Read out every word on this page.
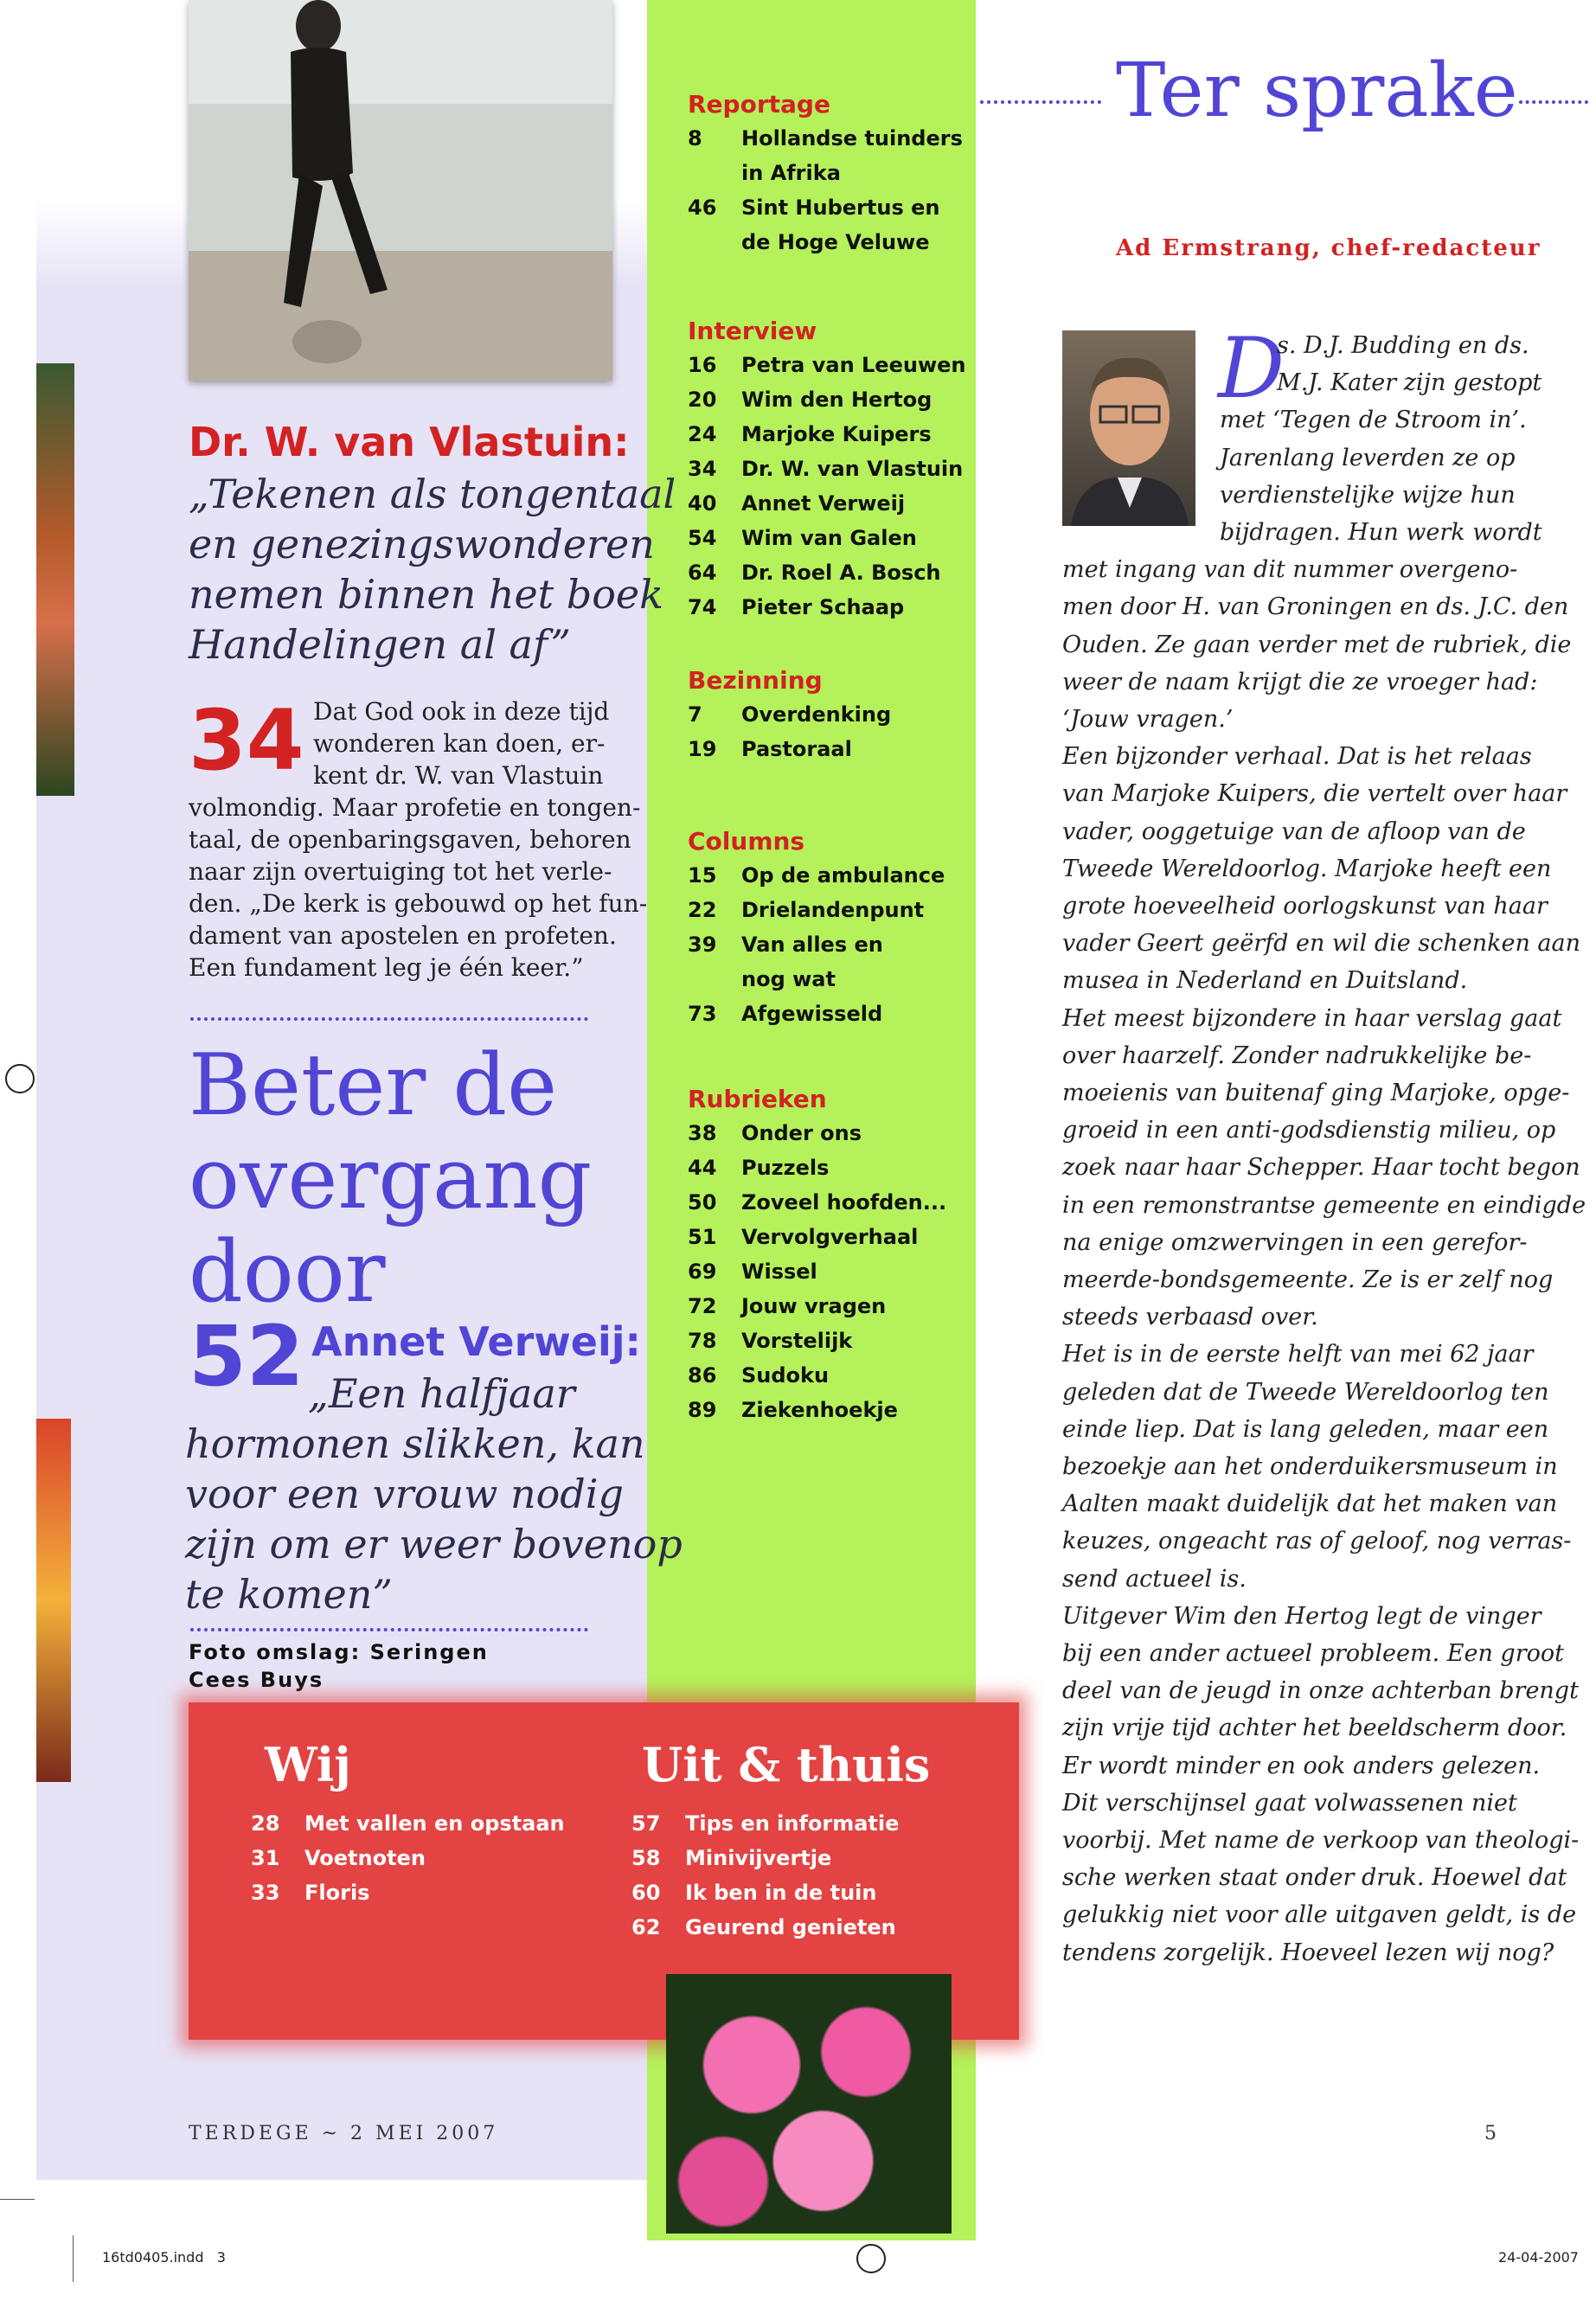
Ter sprake
Ad Ermstrang, chef-redacteur
Reportage
8 Hollandse tuinders
in Afrika
46 Sint Hubertus en
de Hoge Veluwe
Interview
16 Petra van Leeuwen
20 Wim den Hertog
24 Marjoke Kuipers
34 Dr. W. van Vlastuin
40 Annet Verweij
54 Wim van Galen
64 Dr. Roel A. Bosch
74 Pieter Schaap
Bezinning
7 Overdenking
19 Pastoraal
Columns
15 Op de ambulance
22 Drielandenpunt
39 Van alles en
nog wat
73 Afgewisseld
Rubrieken
38 Onder ons
44 Puzzels
50 Zoveel hoofden...
51 Vervolgverhaal
69 Wissel
72 Jouw vragen
78 Vorstelijk
86 Sudoku
89 Ziekenhoekje
Dr. W. van Vlastuin:
„Tekenen als tongentaal
en genezingswonderen
nemen binnen het boek
Handelingen al af”
34 Dat God ook in deze tijd
wonderen kan doen, er-
kent dr. W. van Vlastuin
volmondig. Maar profetie en tongen-
taal, de openbaringsgaven, behoren
naar zijn overtuiging tot het verle-
den. „De kerk is gebouwd op het fun-
dament van apostelen en profeten.
Een fundament leg je één keer.”
Beter de
overgang
door
52 Annet Verweij:
„Een halfjaar
hormonen slikken, kan
voor een vrouw nodig
zijn om er weer bovenop
te komen”
Foto omslag: Seringen
Cees Buys
Wij	Uit & thuis
28 Met vallen en opstaan
31 Voetnoten
33 Floris
57 Tips en informatie
58 Minivijvertje
60 Ik ben in de tuin
62 Geurend genieten
D
s. D.J. Budding en ds.
M.J. Kater zijn gestopt
met ‘Tegen de Stroom in’.
Jarenlang leverden ze op
verdienstelijke wijze hun
bijdragen. Hun werk wordt
met ingang van dit nummer overgeno-
men door H. van Groningen en ds. J.C. den
Ouden. Ze gaan verder met de rubriek, die
weer de naam krijgt die ze vroeger had:
‘Jouw vragen.’
Een bijzonder verhaal. Dat is het relaas
van Marjoke Kuipers, die vertelt over haar
vader, ooggetuige van de afloop van de
Tweede Wereldoorlog. Marjoke heeft een
grote hoeveelheid oorlogskunst van haar
vader Geert geërfd en wil die schenken aan
musea in Nederland en Duitsland.
Het meest bijzondere in haar verslag gaat
over haarzelf. Zonder nadrukkelijke be-
moeienis van buitenaf ging Marjoke, opge-
groeid in een anti-godsdienstig milieu, op
zoek naar haar Schepper. Haar tocht begon
in een remonstrantse gemeente en eindigde
na enige omzwervingen in een gerefor-
meerde-bondsgemeente. Ze is er zelf nog
steeds verbaasd over.
Het is in de eerste helft van mei 62 jaar
geleden dat de Tweede Wereldoorlog ten
einde liep. Dat is lang geleden, maar een
bezoekje aan het onderduikersmuseum in
Aalten maakt duidelijk dat het maken van
keuzes, ongeacht ras of geloof, nog verras-
send actueel is.
Uitgever Wim den Hertog legt de vinger
bij een ander actueel probleem. Een groot
deel van de jeugd in onze achterban brengt
zijn vrije tijd achter het beeldscherm door.
Er wordt minder en ook anders gelezen.
Dit verschijnsel gaat volwassenen niet
voorbij. Met name de verkoop van theologi-
sche werken staat onder druk. Hoewel dat
gelukkig niet voor alle uitgaven geldt, is de
tendens zorgelijk. Hoeveel lezen wij nog?
TERDEGE ~ 2 MEI 2007	5
16td0405.indd   3	24-04-2007
